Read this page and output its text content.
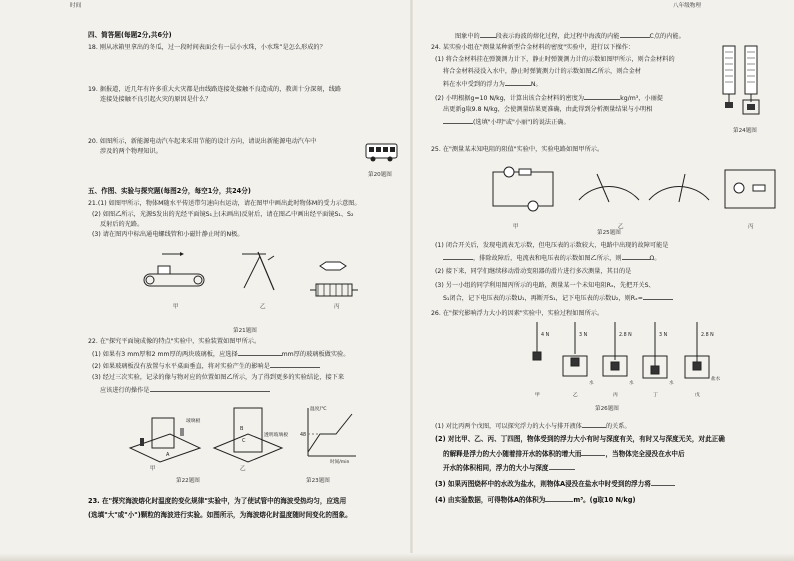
时间
四、简答题(每题2分,共6分)
18. 刚从冰箱里拿出的冬瓜，过一段时间表面会有一层小水珠，小水珠”是怎么形成的？
19. 据报道，近几年有许多重大火灾都是由线路连接处接触不良造成的，教训十分深刻，线路
连接处接触不良引起火灾的原因是什么？
20. 如图所示，新能源电动汽车起来采用节能的设计方向，请说出新能源电动汽车中
涉及的两个物理知识。
第20题图
五、作图、实验与探究题(每图2分，每空1分，共24分)
21.(1) 如图甲所示，物体M随水平传送带匀速向右运动，请在图甲中画出此时物体M的受力示意图。
(2) 如图乙所示，光源S发出的光经平面镜S₁上(未画出)反射后，请在图乙中画出经平面镜S₁、S₂
反射后的光路。
(3) 请在图丙中标出通电螺线管和小磁针静止时的N极。
甲	乙	丙
第21题图
22. 在"探究平面镜成像的特点"实验中，实验装置如图甲所示。
(1) 如果有3 mm厚和2 mm厚的两块玻璃板，应选择	mm厚的玻璃板做实验。
(2) 如果玻璃板没有放置与水平桌面垂直，将对实验产生的影响是
(3) 经过三次实验，记录的像与物对应的位置如图乙所示，为了得到更多的实验结论，接下来
应该进行的操作是
B
C
A
玻璃板
透明玻璃板
甲	乙
第22题图
温度/℃
48
时间/min
第23题图
23. 在"探究海波熔化时温度的变化规律"实验中，为了使试管中的海波受热均匀，应选用
(选填"大"或"小")颗粒的海波进行实验。如图所示，为海波熔化时温度随时间变化的图象。
八年级物理
图象中的	段表示海波的熔化过程，此过程中海波的内能	C点的内能。
24. 某实验小组在"测量某种新型合金材料的密度"实验中，进行以下操作：
(1) 将合金材料挂在弹簧测力计下，静止时弹簧测力计的示数如图甲所示，则合金材料的
将合金材料浸没入水中，静止时弹簧测力计的示数如图乙所示，则合金材
料在水中受到的浮力为	N。
(2) 小明根据g=10 N/kg，计算出该合金材料的密度为	kg/m³，小丽提
出更新g取9.8 N/kg，会使测量结果更准确，由此得到分析测量结果与小明相
(选填"小明"或"小丽")的说法正确。
第24题图
25. 在"测量某未知电阻的阻值"实验中，实验电路如图甲所示。
甲	乙	丙
第25题图
(1) 闭合开关后，发现电流表无示数，但电压表的示数较大，电路中出现的故障可能是
，排除故障后，电流表和电压表的示数如图乙所示，则	Ω。
(2) 接下来，同学们继续移动滑动变阻器的滑片进行多次测量，其目的是
(3) 另一小组的同学利用图丙所示的电路，测量某一个未知电阻Rₓ，先把开关S、
S₁闭合，记下电压表的示数U₁，再断开S₁，记下电压表的示数U₂，则Rₓ=
26. 在"探究影响浮力大小的因素"实验中，实验过程如图所示。
4 N	3 N	2.8 N	3 N	2.8 N
水	水	水
盐水
甲	乙	丙	丁	戊
第26题图
(1) 对比丙两个戊图，可以探究浮力的大小与排开液体	的关系。
(2) 对比甲、乙、丙、丁四图，物体受到的浮力大小有时与深度有关，有时又与深度无关，对此正确
的解释是浮力的大小随着排开水的体积的增大而	，当物体完全浸没在水中后
开水的体积相同，浮力的大小与深度
(3) 如果丙图烧杯中的水改为盐水，则物体A浸没在盐水中时受到的浮力将
(4) 由实验数据，可得物体A的体积为	m³。(g取10 N/kg)
